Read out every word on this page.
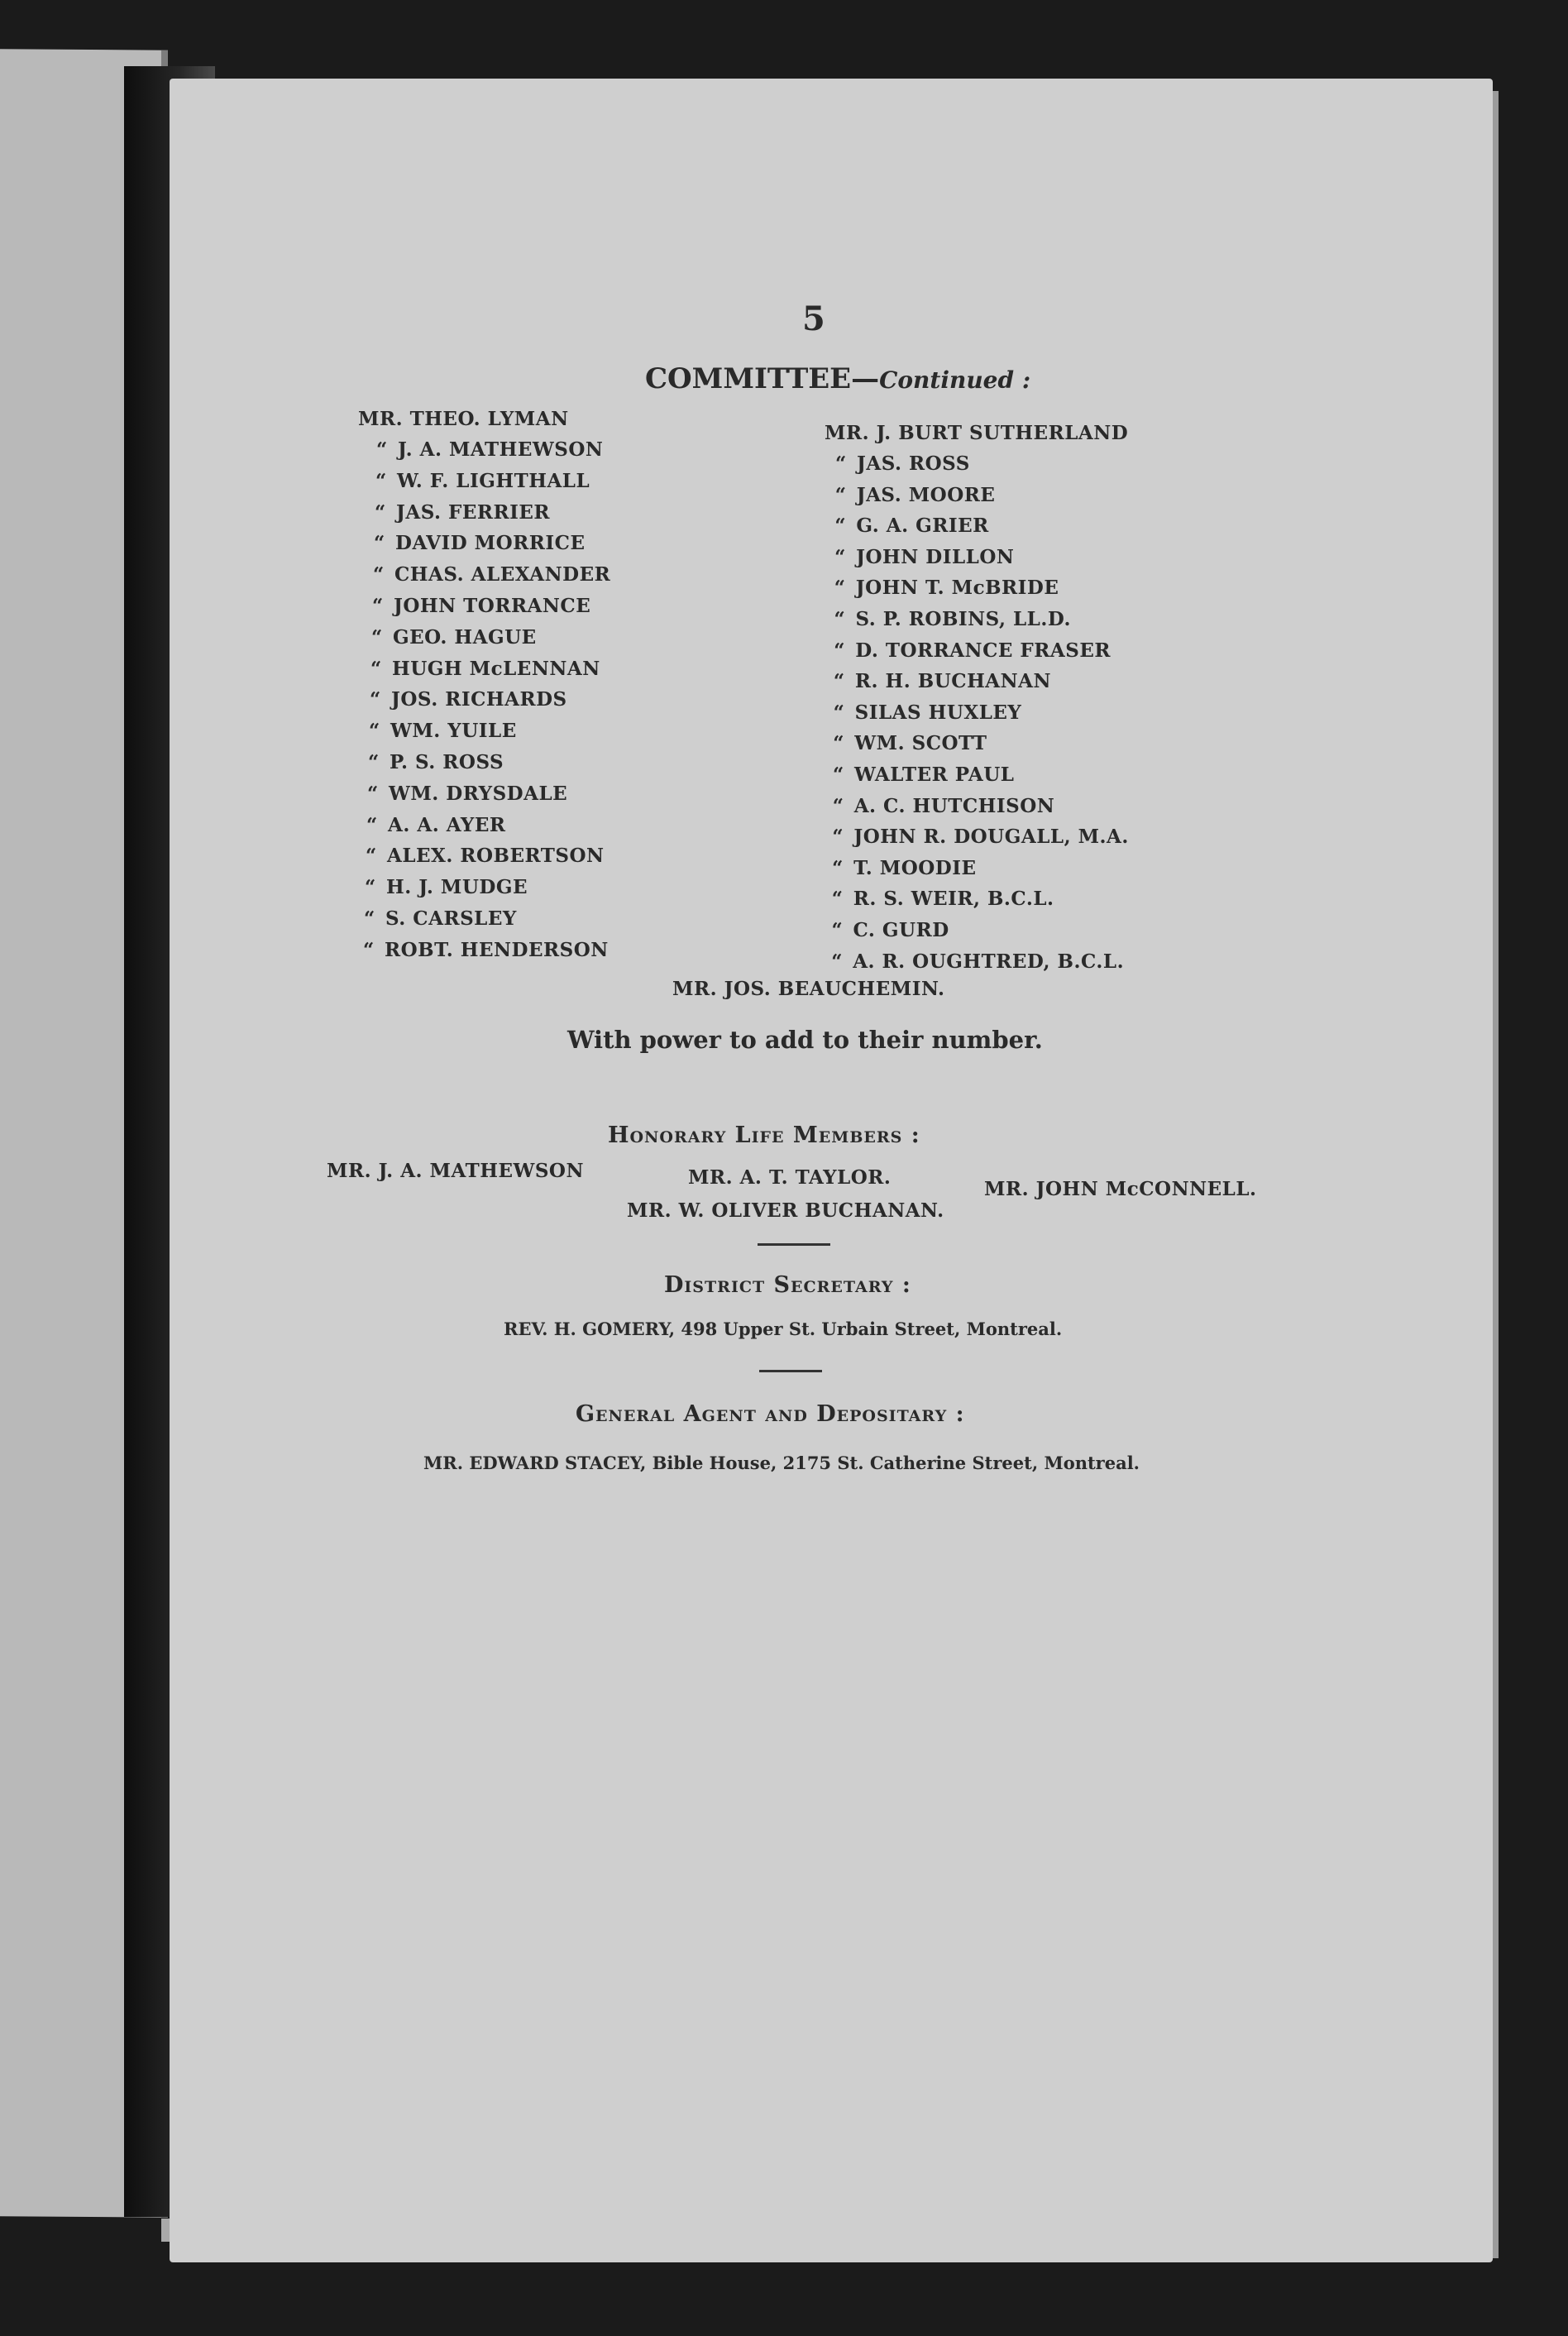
5
COMMITTEE—Continued :
MR. THEO. LYMAN
“ J. A. MATHEWSON
“ W. F. LIGHTHALL
“ JAS. FERRIER
“ DAVID MORRICE
“ CHAS. ALEXANDER
“ JOHN TORRANCE
“ GEO. HAGUE
“ HUGH McLENNAN
“ JOS. RICHARDS
“ WM. YUILE
“ P. S. ROSS
“ WM. DRYSDALE
“ A. A. AYER
“ ALEX. ROBERTSON
“ H. J. MUDGE
“ S. CARSLEY
“ ROBT. HENDERSON
MR. J. BURT SUTHERLAND
“ JAS. ROSS
“ JAS. MOORE
“ G. A. GRIER
“ JOHN DILLON
“ JOHN T. McBRIDE
“ S. P. ROBINS, LL.D.
“ D. TORRANCE FRASER
“ R. H. BUCHANAN
“ SILAS HUXLEY
“ WM. SCOTT
“ WALTER PAUL
“ A. C. HUTCHISON
“ JOHN R. DOUGALL, M.A.
“ T. MOODIE
“ R. S. WEIR, B.C.L.
“ C. GURD
“ A. R. OUGHTRED, B.C.L.
MR. JOS. BEAUCHEMIN.
With power to add to their number.
Honorary Life Members :
MR. J. A. MATHEWSON	MR. A. T. TAYLOR.
MR. JOHN McCONNELL.
MR. W. OLIVER BUCHANAN.
District Secretary :
REV. H. GOMERY, 498 Upper St. Urbain Street, Montreal.
General Agent and Depositary :
MR. EDWARD STACEY, Bible House, 2175 St. Catherine Street, Montreal.
